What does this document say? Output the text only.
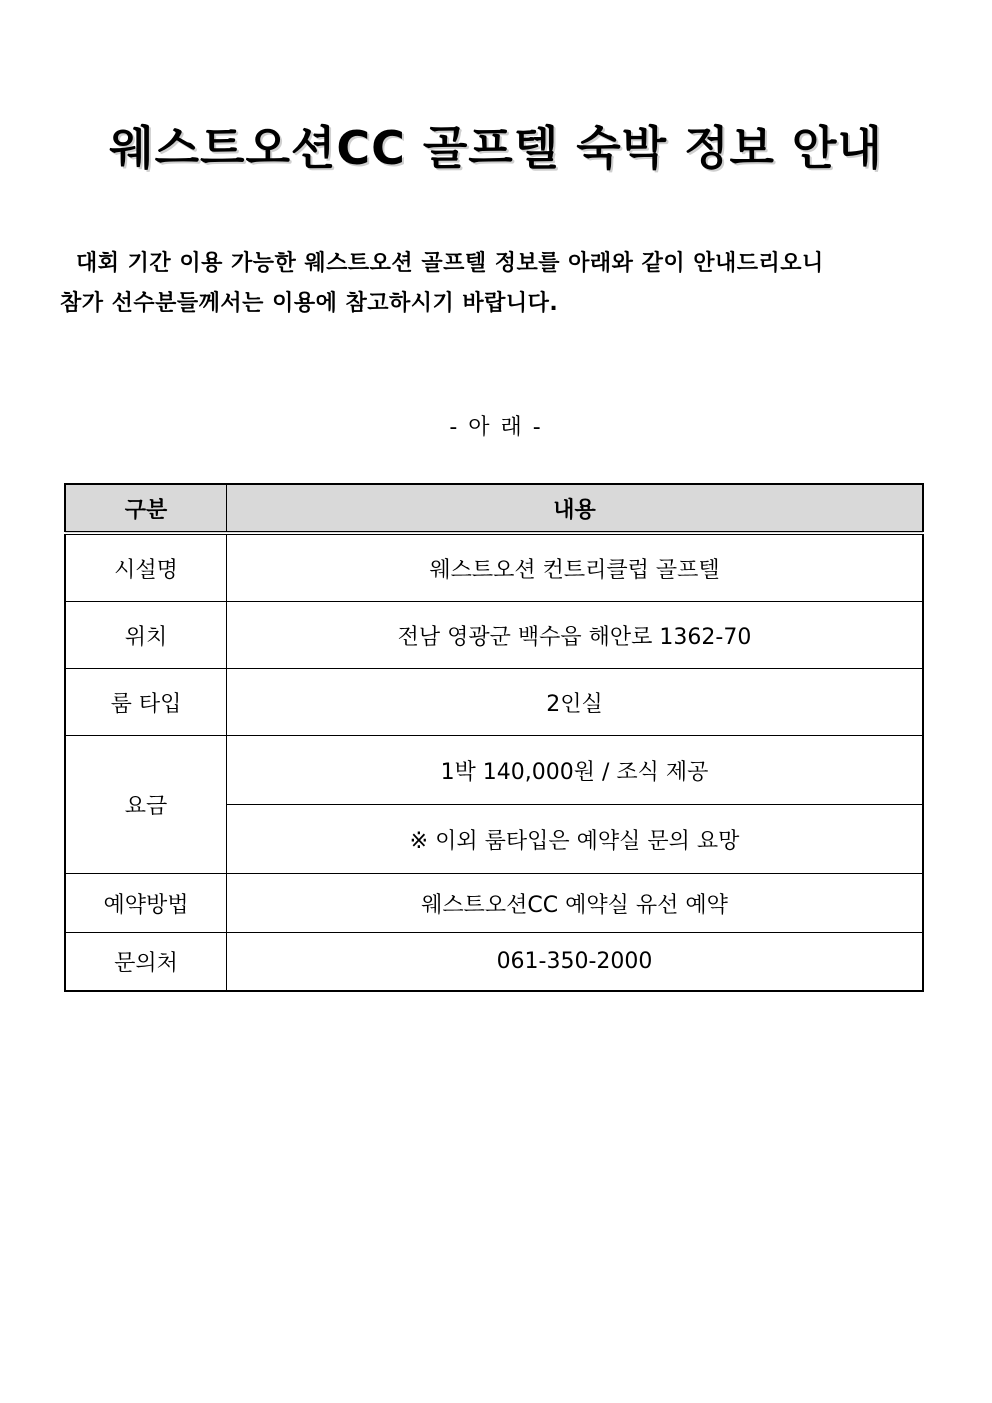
웨스트오션CC 골프텔 숙박 정보 안내
대회 기간 이용 가능한 웨스트오션 골프텔 정보를 아래와 같이 안내드리오니
참가 선수분들께서는 이용에 참고하시기 바랍니다.
- 아 래 -
구분	내용
시설명	웨스트오션 컨트리클럽 골프텔
위치	전남 영광군 백수읍 해안로 1362-70
룸 타입	2인실
요금	1박 140,000원 / 조식 제공
	※ 이외 룸타입은 예약실 문의 요망
예약방법	웨스트오션CC 예약실 유선 예약
문의처	061-350-2000
